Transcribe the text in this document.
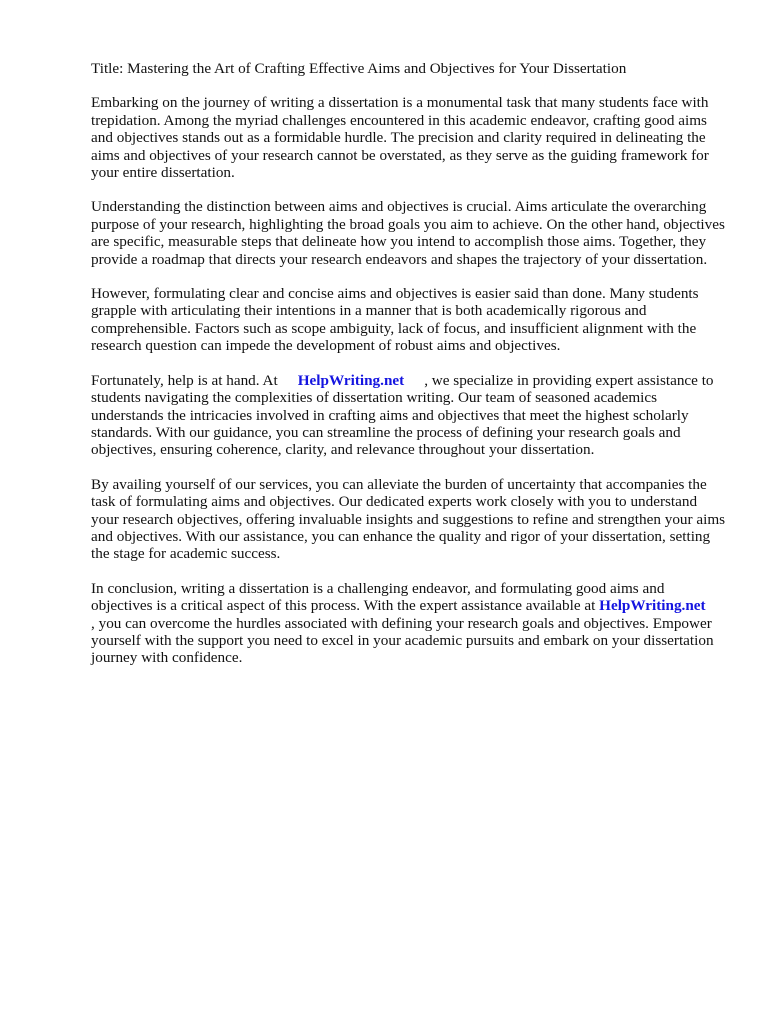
Title: Mastering the Art of Crafting Effective Aims and Objectives for Your Dissertation

Embarking on the journey of writing a dissertation is a monumental task that many students face with trepidation. Among the myriad challenges encountered in this academic endeavor, crafting good aims and objectives stands out as a formidable hurdle. The precision and clarity required in delineating the aims and objectives of your research cannot be overstated, as they serve as the guiding framework for your entire dissertation.

Understanding the distinction between aims and objectives is crucial. Aims articulate the overarching purpose of your research, highlighting the broad goals you aim to achieve. On the other hand, objectives are specific, measurable steps that delineate how you intend to accomplish those aims. Together, they provide a roadmap that directs your research endeavors and shapes the trajectory of your dissertation.

However, formulating clear and concise aims and objectives is easier said than done. Many students grapple with articulating their intentions in a manner that is both academically rigorous and comprehensible. Factors such as scope ambiguity, lack of focus, and insufficient alignment with the research question can impede the development of robust aims and objectives.

Fortunately, help is at hand. At HelpWriting.net , we specialize in providing expert assistance to students navigating the complexities of dissertation writing. Our team of seasoned academics understands the intricacies involved in crafting aims and objectives that meet the highest scholarly standards. With our guidance, you can streamline the process of defining your research goals and objectives, ensuring coherence, clarity, and relevance throughout your dissertation.

By availing yourself of our services, you can alleviate the burden of uncertainty that accompanies the task of formulating aims and objectives. Our dedicated experts work closely with you to understand your research objectives, offering invaluable insights and suggestions to refine and strengthen your aims and objectives. With our assistance, you can enhance the quality and rigor of your dissertation, setting the stage for academic success.

In conclusion, writing a dissertation is a challenging endeavor, and formulating good aims and objectives is a critical aspect of this process. With the expert assistance available at HelpWriting.net, you can overcome the hurdles associated with defining your research goals and objectives. Empower yourself with the support you need to excel in your academic pursuits and embark on your dissertation journey with confidence.
